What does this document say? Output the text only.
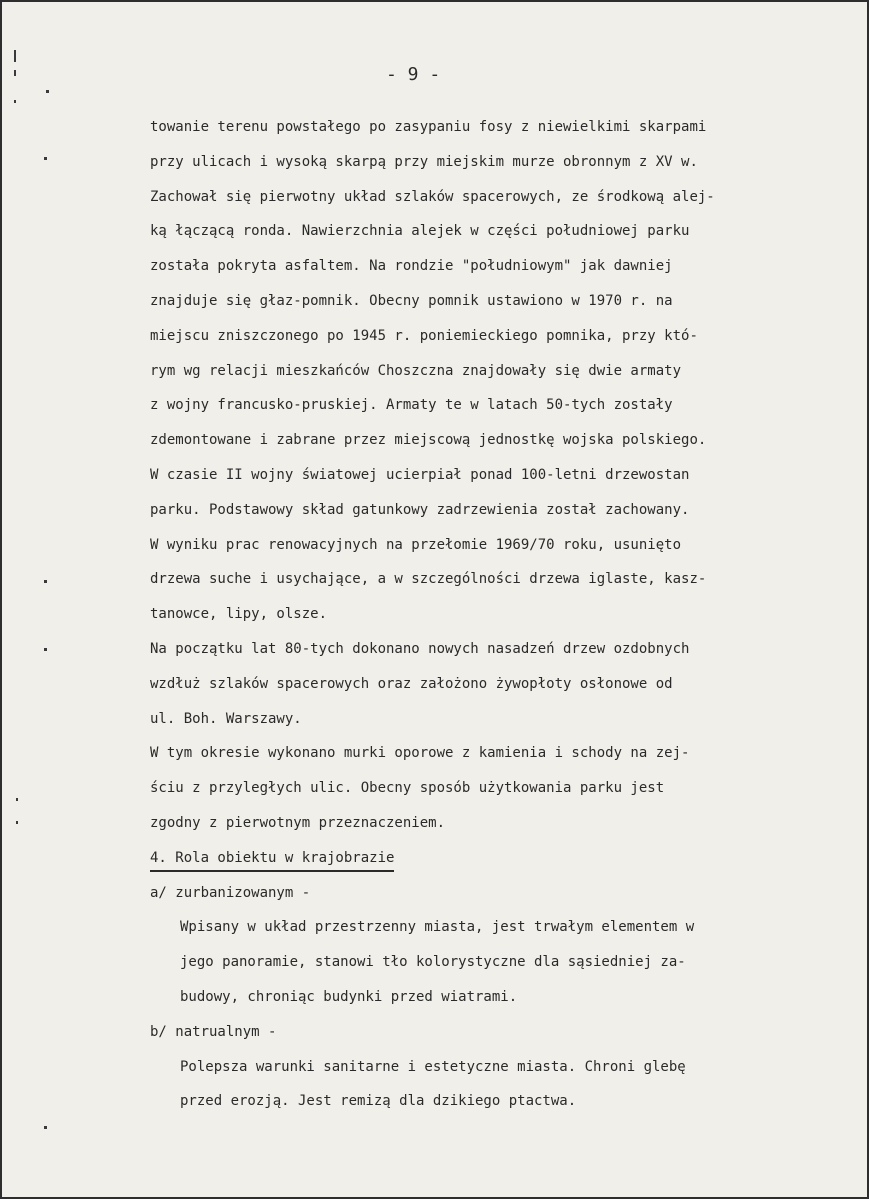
- 9 -
towanie terenu powstałego po zasypaniu fosy z niewielkimi skarpami
przy ulicach i wysoką skarpą przy miejskim murze obronnym z XV w.
Zachował się pierwotny układ szlaków spacerowych, ze środkową alej-
ką łączącą ronda. Nawierzchnia alejek w części południowej parku
została pokryta asfaltem. Na rondzie "południowym" jak dawniej
znajduje się głaz-pomnik. Obecny pomnik ustawiono w 1970 r. na
miejscu zniszczonego po 1945 r. poniemieckiego pomnika, przy któ-
rym wg relacji mieszkańców Choszczna znajdowały się dwie armaty
z wojny francusko-pruskiej. Armaty te w latach 50-tych zostały
zdemontowane i zabrane przez miejscową jednostkę wojska polskiego.
W czasie II wojny światowej ucierpiał ponad 100-letni drzewostan
parku. Podstawowy skład gatunkowy zadrzewienia został zachowany.
W wyniku prac renowacyjnych na przełomie 1969/70 roku, usunięto
drzewa suche i usychające, a w szczególności drzewa iglaste, kasz-
tanowce, lipy, olsze.
Na początku lat 80-tych dokonano nowych nasadzeń drzew ozdobnych
wzdłuż szlaków spacerowych oraz założono żywopłoty osłonowe od
ul. Boh. Warszawy.
W tym okresie wykonano murki oporowe z kamienia i schody na zej-
ściu z przyległych ulic. Obecny sposób użytkowania parku jest
zgodny z pierwotnym przeznaczeniem.
4. Rola obiektu w krajobrazie
a/ zurbanizowanym -
Wpisany w układ przestrzenny miasta, jest trwałym elementem w
jego panoramie, stanowi tło kolorystyczne dla sąsiedniej za-
budowy, chroniąc budynki przed wiatrami.
b/ natrualnym -
Polepsza warunki sanitarne i estetyczne miasta. Chroni glebę
przed erozją. Jest remizą dla dzikiego ptactwa.
